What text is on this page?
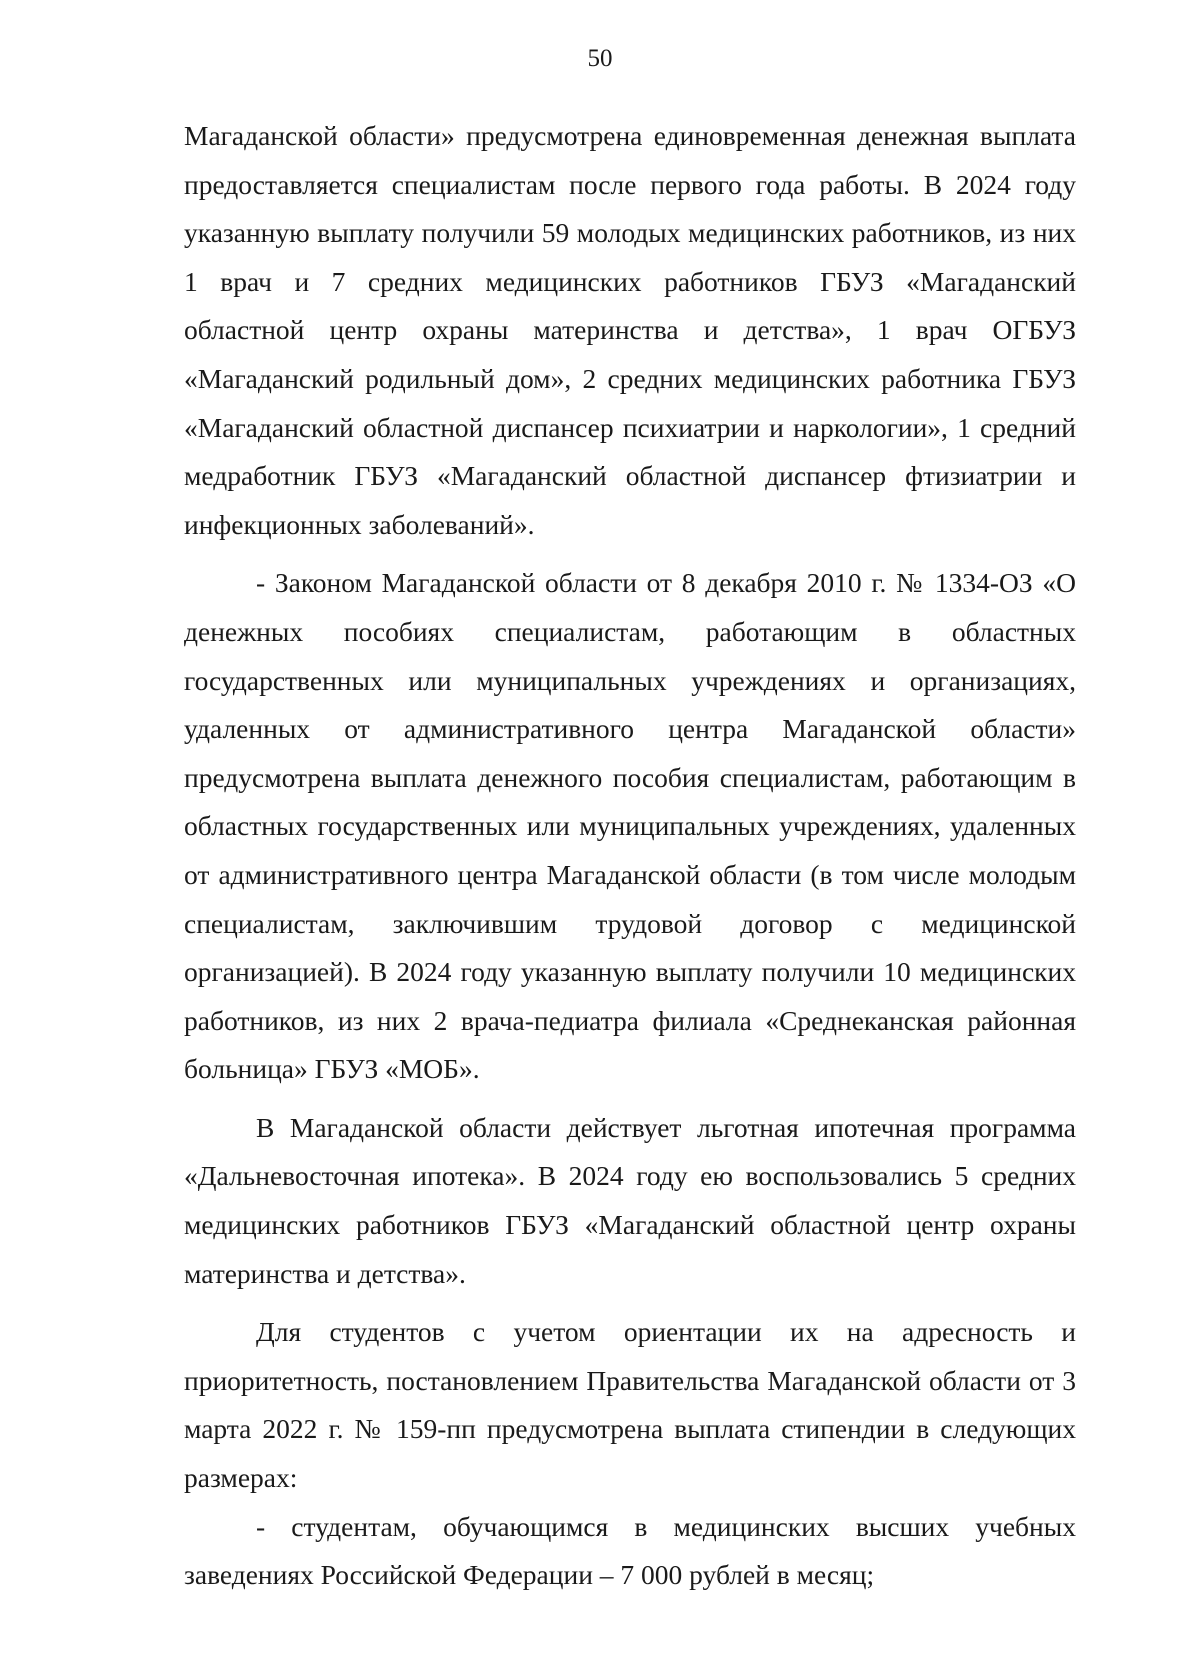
50

Магаданской области» предусмотрена единовременная денежная выплата предоставляется специалистам после первого года работы. В 2024 году указанную выплату получили 59 молодых медицинских работников, из них 1 врач и 7 средних медицинских работников ГБУЗ «Магаданский областной центр охраны материнства и детства», 1 врач ОГБУЗ «Магаданский родильный дом», 2 средних медицинских работника ГБУЗ «Магаданский областной диспансер психиатрии и наркологии», 1 средний медработник ГБУЗ «Магаданский областной диспансер фтизиатрии и инфекционных заболеваний».

- Законом Магаданской области от 8 декабря 2010 г. № 1334-ОЗ «О денежных пособиях специалистам, работающим в областных государственных или муниципальных учреждениях и организациях, удаленных от административного центра Магаданской области» предусмотрена выплата денежного пособия специалистам, работающим в областных государственных или муниципальных учреждениях, удаленных от административного центра Магаданской области (в том числе молодым специалистам, заключившим трудовой договор с медицинской организацией). В 2024 году указанную выплату получили 10 медицинских работников, из них 2 врача-педиатра филиала «Среднеканская районная больница» ГБУЗ «МОБ».

В Магаданской области действует льготная ипотечная программа «Дальневосточная ипотека». В 2024 году ею воспользовались 5 средних медицинских работников ГБУЗ «Магаданский областной центр охраны материнства и детства».

Для студентов с учетом ориентации их на адресность и приоритетность, постановлением Правительства Магаданской области от 3 марта 2022 г. № 159-пп предусмотрена выплата стипендии в следующих размерах:

- студентам, обучающимся в медицинских высших учебных заведениях Российской Федерации – 7 000 рублей в месяц;
